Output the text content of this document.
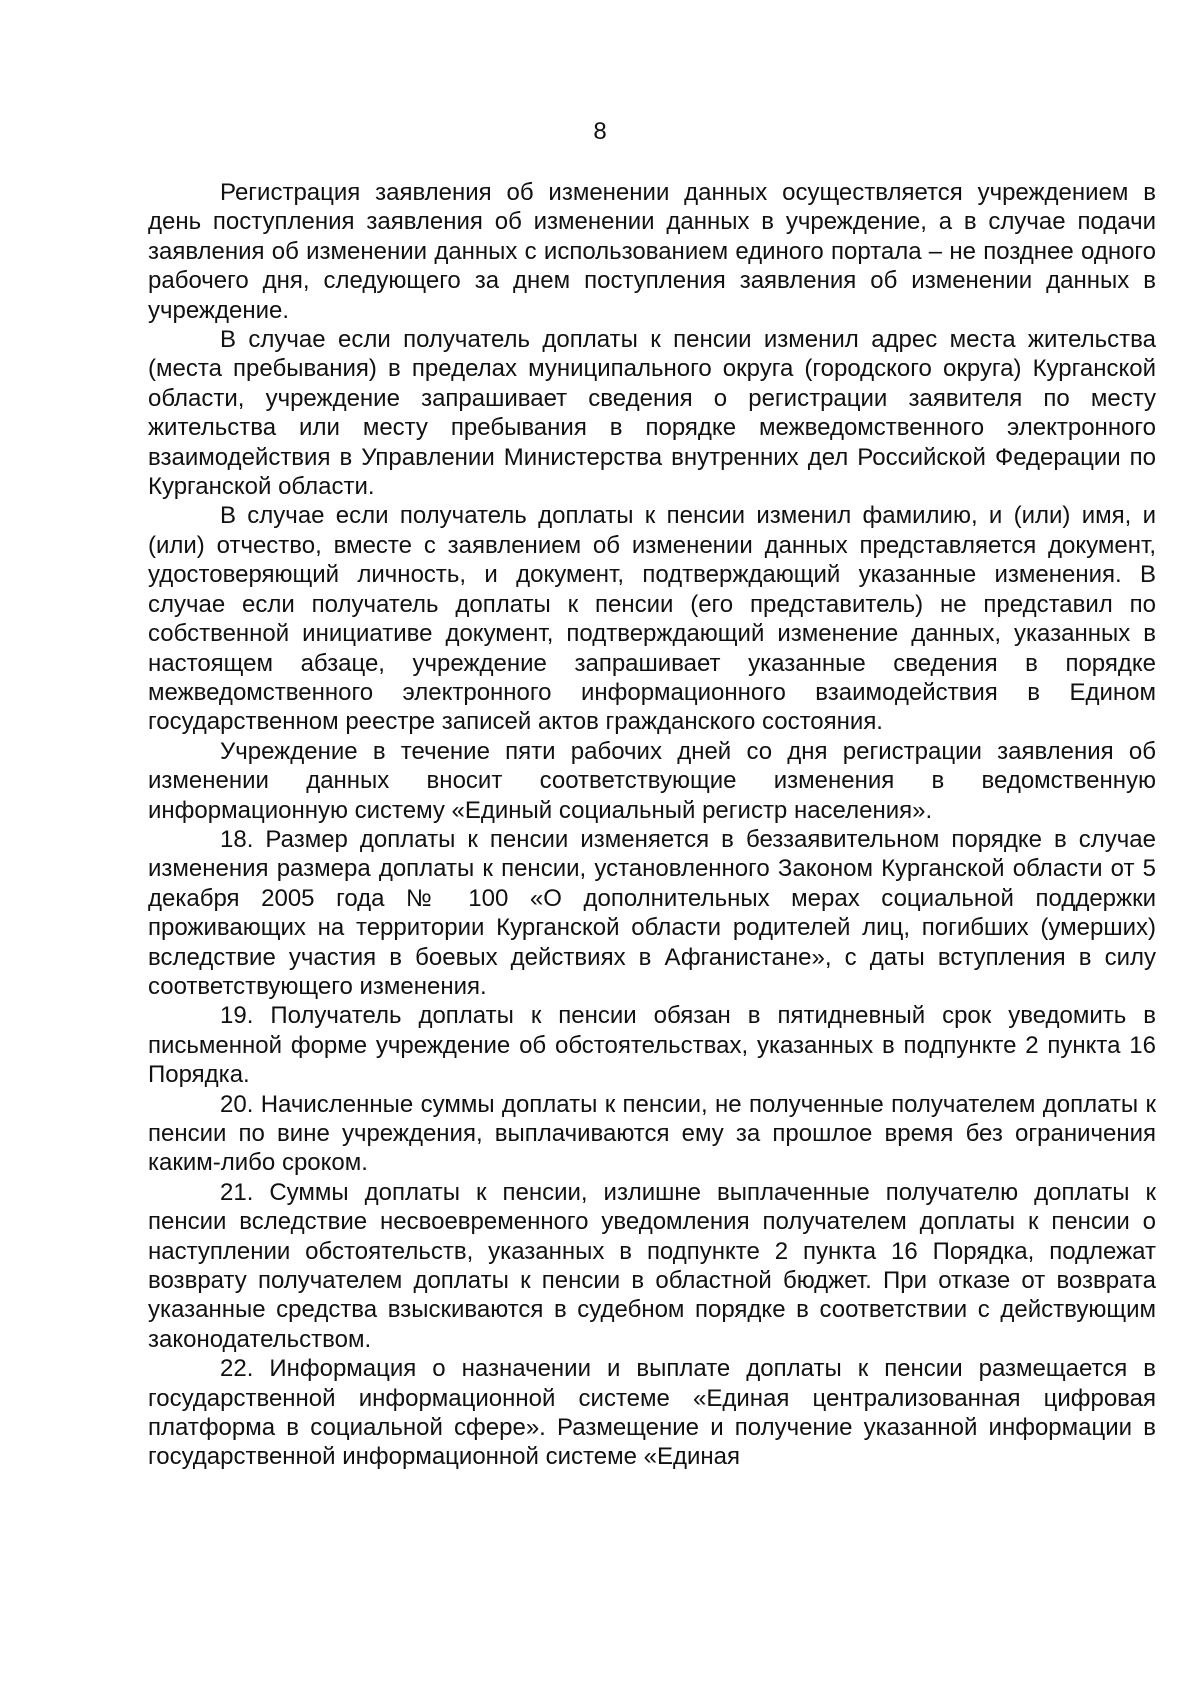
8

Регистрация заявления об изменении данных осуществляется учреждением в день поступления заявления об изменении данных в учреждение, а в случае подачи заявления об изменении данных с использованием единого портала – не позднее одного рабочего дня, следующего за днем поступления заявления об изменении данных в учреждение.

В случае если получатель доплаты к пенсии изменил адрес места жительства (места пребывания) в пределах муниципального округа (городского округа) Курганской области, учреждение запрашивает сведения о регистрации заявителя по месту жительства или месту пребывания в порядке межведомственного электронного взаимодействия в Управлении Министерства внутренних дел Российской Федерации по Курганской области.

В случае если получатель доплаты к пенсии изменил фамилию, и (или) имя, и (или) отчество, вместе с заявлением об изменении данных представляется документ, удостоверяющий личность, и документ, подтверждающий указанные изменения. В случае если получатель доплаты к пенсии (его представитель) не представил по собственной инициативе документ, подтверждающий изменение данных, указанных в настоящем абзаце, учреждение запрашивает указанные сведения в порядке межведомственного электронного информационного взаимодействия в Едином государственном реестре записей актов гражданского состояния.

Учреждение в течение пяти рабочих дней со дня регистрации заявления об изменении данных вносит соответствующие изменения в ведомственную информационную систему «Единый социальный регистр населения».

18. Размер доплаты к пенсии изменяется в беззаявительном порядке в случае изменения размера доплаты к пенсии, установленного Законом Курганской области от 5 декабря 2005 года № 100 «О дополнительных мерах социальной поддержки проживающих на территории Курганской области родителей лиц, погибших (умерших) вследствие участия в боевых действиях в Афганистане», с даты вступления в силу соответствующего изменения.

19. Получатель доплаты к пенсии обязан в пятидневный срок уведомить в письменной форме учреждение об обстоятельствах, указанных в подпункте 2 пункта 16 Порядка.

20. Начисленные суммы доплаты к пенсии, не полученные получателем доплаты к пенсии по вине учреждения, выплачиваются ему за прошлое время без ограничения каким-либо сроком.

21. Суммы доплаты к пенсии, излишне выплаченные получателю доплаты к пенсии вследствие несвоевременного уведомления получателем доплаты к пенсии о наступлении обстоятельств, указанных в подпункте 2 пункта 16 Порядка, подлежат возврату получателем доплаты к пенсии в областной бюджет. При отказе от возврата указанные средства взыскиваются в судебном порядке в соответствии с действующим законодательством.

22. Информация о назначении и выплате доплаты к пенсии размещается в государственной информационной системе «Единая централизованная цифровая платформа в социальной сфере». Размещение и получение указанной информации в государственной информационной системе «Единая
